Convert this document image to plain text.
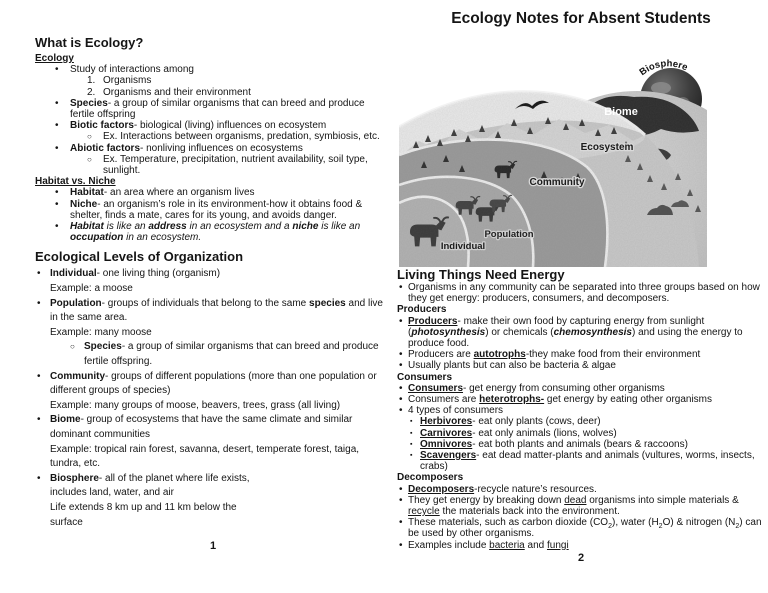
What is Ecology?
Ecology
•	Study of interactions among
1. Organisms
2. Organisms and their environment
•	Species- a group of similar organisms that can breed and produce fertile offspring
•	Biotic factors- biological (living) influences on ecosystem
○	Ex. Interactions between organisms, predation, symbiosis, etc.
•	Abiotic factors- nonliving influences on ecosystems
○	Ex. Temperature, precipitation, nutrient availability, soil type, sunlight.
Habitat vs. Niche
•	Habitat- an area where an organism lives
•	Niche- an organism’s role in its environment-how it obtains food & shelter, finds a mate, cares for its young, and avoids danger.
•	Habitat is like an address in an ecosystem and a niche is like an occupation in an ecosystem.
Ecological Levels of Organization
• Individual- one living thing (organism)
Example: a moose
• Population- groups of individuals that belong to the same species and live in the same area.
Example: many moose
○ Species- a group of similar organisms that can breed and produce fertile offspring.
• Community- groups of different populations (more than one population or different groups of species)
Example: many groups of moose, beavers, trees, grass (all living)
• Biome- group of ecosystems that have the same climate and similar dominant communities
Example: tropical rain forest, savanna, desert, temperate forest, taiga, tundra, etc.
• Biosphere- all of the planet where life exists,
includes land, water, and air
Life extends 8 km up and 11 km below the
surface
Ecology Notes for Absent Students
Biosphere
Biome
Ecosystem
Community
Population
Individual
Living Things Need Energy
• Organisms in any community can be separated into three groups based on how they get energy: producers, consumers, and decomposers.
Producers
• Producers- make their own food by capturing energy from sunlight (photosynthesis) or chemicals (chemosynthesis) and using the energy to produce food.
• Producers are autotrophs-they make food from their environment
• Usually plants but can also be bacteria & algae
Consumers
• Consumers- get energy from consuming other organisms
• Consumers are heterotrophs- get energy by eating other organisms
• 4 types of consumers
▪ Herbivores- eat only plants (cows, deer)
▪ Carnivores- eat only animals (lions, wolves)
▪ Omnivores- eat both plants and animals (bears & raccoons)
▪ Scavengers- eat dead matter-plants and animals (vultures, worms, insects, crabs)
Decomposers
• Decomposers-recycle nature’s resources.
• They get energy by breaking down dead organisms into simple materials & recycle the materials back into the environment.
• These materials, such as carbon dioxide $(CO_2)$, water $(H_2O)$ & nitrogen $(N_2)$ can be used by other organisms.
• Examples include bacteria and fungi
1
2
